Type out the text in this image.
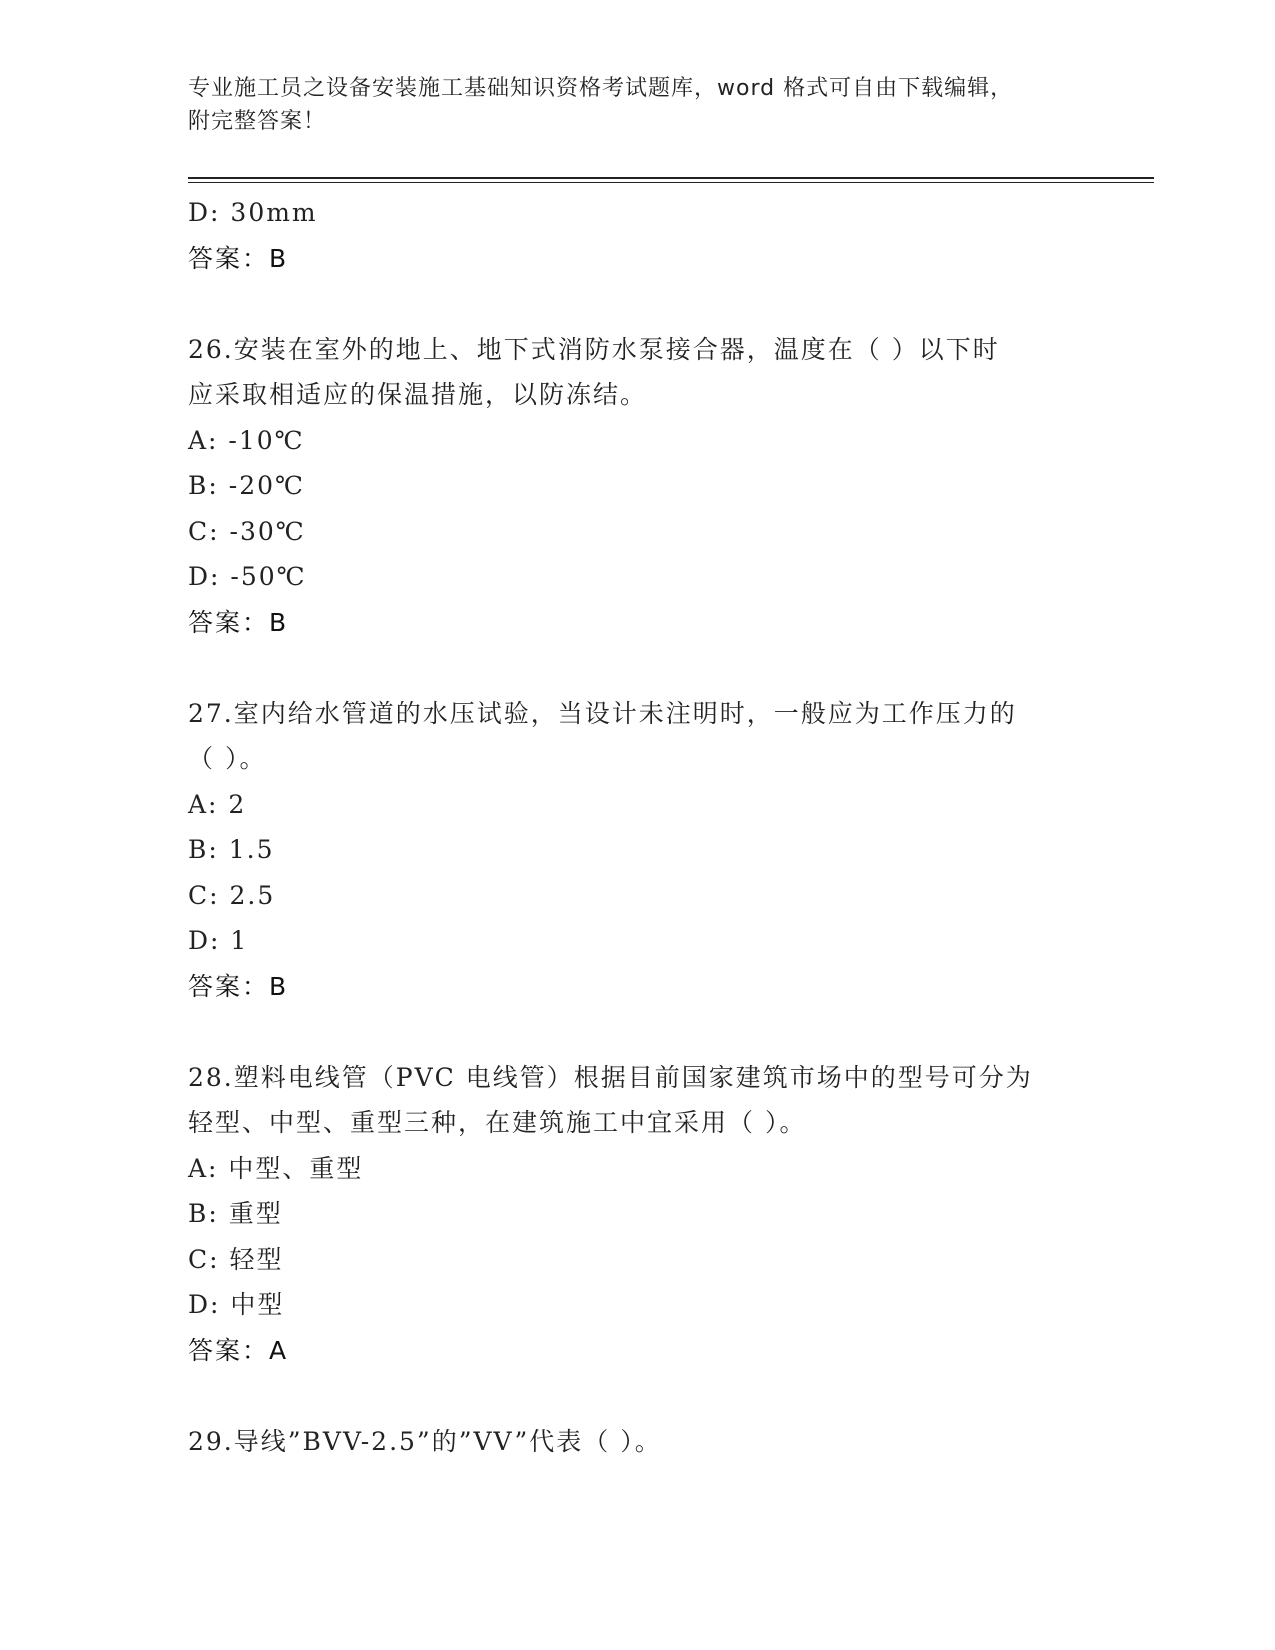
专业施工员之设备安装施工基础知识资格考试题库，word 格式可自由下载编辑，
附完整答案！
D: 30mm
答案：B
26.安装在室外的地上、地下式消防水泵接合器，温度在（ ）以下时
应采取相适应的保温措施，以防冻结。
A: -10℃
B: -20℃
C: -30℃
D: -50℃
答案：B
27.室内给水管道的水压试验，当设计未注明时，一般应为工作压力的
（ ）。
A: 2
B: 1.5
C: 2.5
D: 1
答案：B
28.塑料电线管（PVC 电线管）根据目前国家建筑市场中的型号可分为
轻型、中型、重型三种，在建筑施工中宜采用（ ）。
A: 中型、重型
B: 重型
C: 轻型
D: 中型
答案：A
29.导线”BVV-2.5”的”VV”代表（ ）。
